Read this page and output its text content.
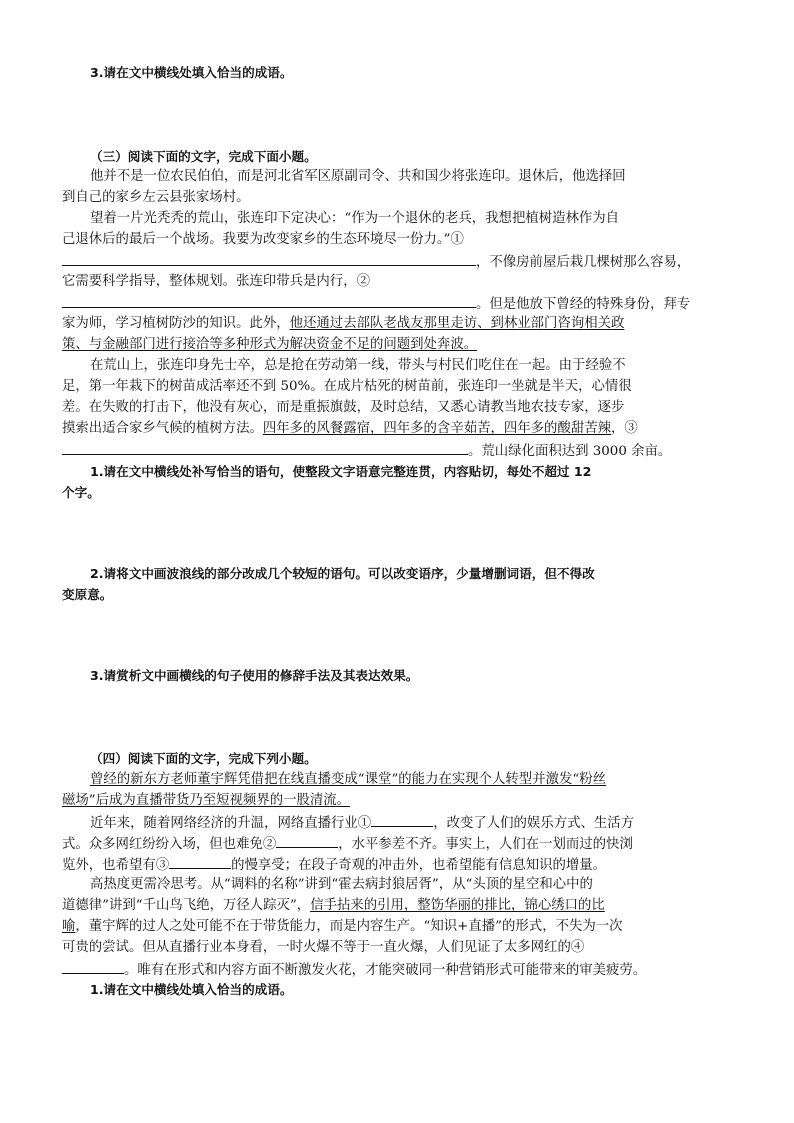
3.请在文中横线处填入恰当的成语。
（三）阅读下面的文字，完成下面小题。
他并不是一位农民伯伯，而是河北省军区原副司令、共和国少将张连印。退休后，他选择回
到自己的家乡左云县张家场村。
望着一片光秃秃的荒山，张连印下定决心：“作为一个退休的老兵，我想把植树造林作为自
己退休后的最后一个战场。我要为改变家乡的生态环境尽一份力。”①
，不像房前屋后栽几棵树那么容易，
它需要科学指导，整体规划。张连印带兵是内行，②
。但是他放下曾经的特殊身份，拜专
家为师，学习植树防沙的知识。此外，他还通过去部队老战友那里走访、到林业部门咨询相关政
策、与金融部门进行接洽等多种形式为解决资金不足的问题到处奔波。
在荒山上，张连印身先士卒，总是抢在劳动第一线，带头与村民们吃住在一起。由于经验不
足，第一年栽下的树苗成活率还不到 50%。在成片枯死的树苗前，张连印一坐就是半天，心情很
差。在失败的打击下，他没有灰心，而是重振旗鼓，及时总结，又悉心请教当地农技专家，逐步
摸索出适合家乡气候的植树方法。四年多的风餐露宿，四年多的含辛茹苦，四年多的酸甜苦辣，③
。荒山绿化面积达到 3000 余亩。
1.请在文中横线处补写恰当的语句，使整段文字语意完整连贯，内容贴切，每处不超过 12
个字。
2.请将文中画波浪线的部分改成几个较短的语句。可以改变语序，少量增删词语，但不得改
变原意。
3.请赏析文中画横线的句子使用的修辞手法及其表达效果。
（四）阅读下面的文字，完成下列小题。
曾经的新东方老师董宇辉凭借把在线直播变成“课堂”的能力在实现个人转型并激发“粉丝
磁场”后成为直播带货乃至短视频界的一股清流。
近年来，随着网络经济的升温，网络直播行业①	，改变了人们的娱乐方式、生活方
式。众多网红纷纷入场，但也难免②	，水平参差不齐。事实上，人们在一划而过的快浏
览外，也希望有③	的慢享受；在段子奇观的冲击外，也希望能有信息知识的增量。
高热度更需冷思考。从“调料的名称”讲到“霍去病封狼居胥”，从“头顶的星空和心中的
道德律”讲到“千山鸟飞绝，万径人踪灭”，信手拈来的引用，整饬华丽的排比，锦心绣口的比
喻，董宇辉的过人之处可能不在于带货能力，而是内容生产。“知识+直播”的形式，不失为一次
可贵的尝试。但从直播行业本身看，一时火爆不等于一直火爆，人们见证了太多网红的④
。唯有在形式和内容方面不断激发火花，才能突破同一种营销形式可能带来的审美疲劳。
1.请在文中横线处填入恰当的成语。
